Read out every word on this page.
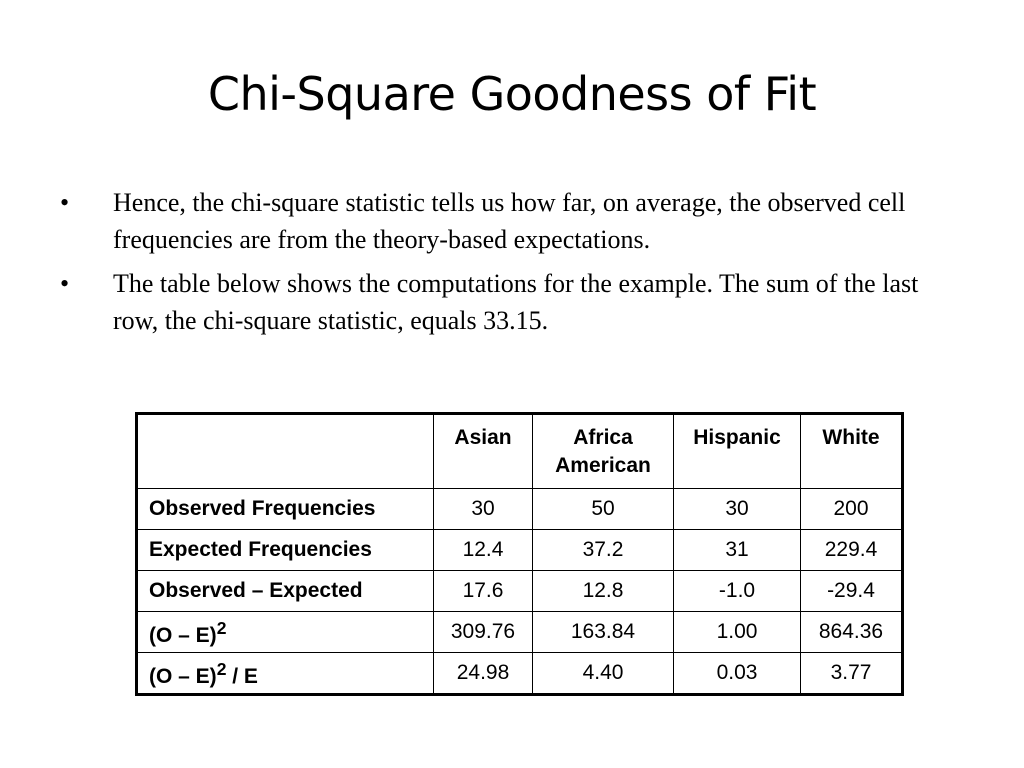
Chi-Square Goodness of Fit
•	Hence, the chi-square statistic tells us how far, on average, the observed cell frequencies are from the theory-based expectations.
•	The table below shows the computations for the example. The sum of the last row, the chi-square statistic, equals 33.15.
	Asian	Africa American	Hispanic	White
Observed Frequencies	30	50	30	200
Expected Frequencies	12.4	37.2	31	229.4
Observed – Expected	17.6	12.8	-1.0	-29.4
(O – E)$^2$	309.76	163.84	1.00	864.36
(O – E)$^2$ / E	24.98	4.40	0.03	3.77
